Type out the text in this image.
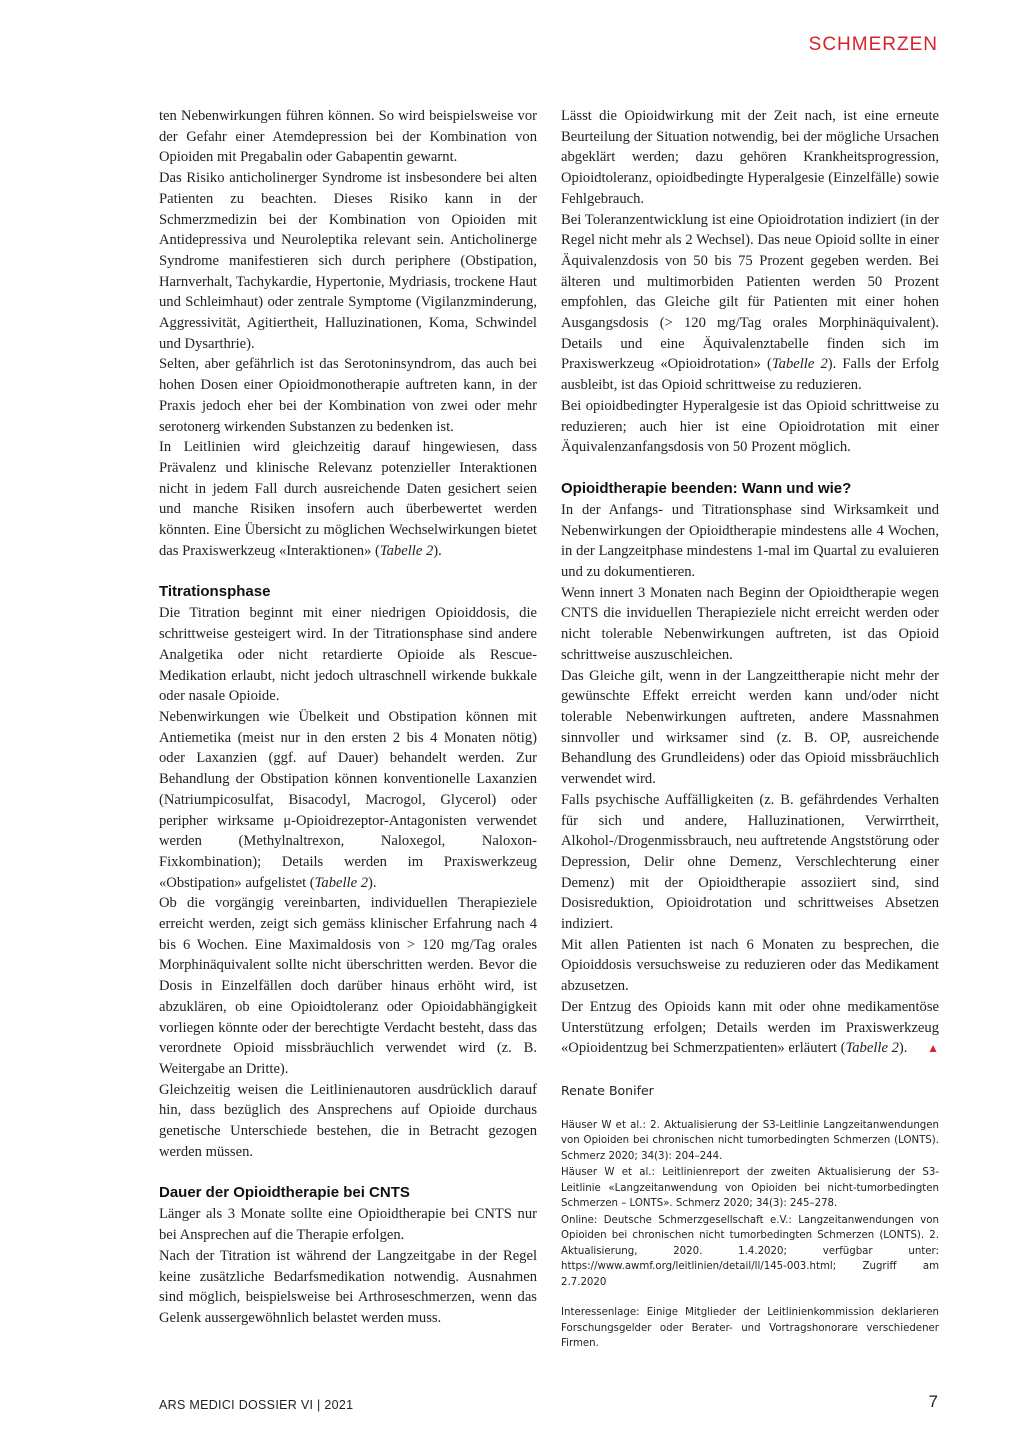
SCHMERZEN

ten Nebenwirkungen führen können. So wird beispielsweise vor der Gefahr einer Atemdepression bei der Kombination von Opioiden mit Pregabalin oder Gabapentin gewarnt.

Das Risiko anticholinerger Syndrome ist insbesondere bei alten Patienten zu beachten. Dieses Risiko kann in der Schmerzmedizin bei der Kombination von Opioiden mit Antidepressiva und Neuroleptika relevant sein. Anticholinerge Syndrome manifestieren sich durch periphere (Obstipation, Harnverhalt, Tachykardie, Hypertonie, Mydriasis, trockene Haut und Schleimhaut) oder zentrale Symptome (Vigilanzminderung, Aggressivität, Agitiertheit, Halluzinationen, Koma, Schwindel und Dysarthrie).

Selten, aber gefährlich ist das Serotoninsyndrom, das auch bei hohen Dosen einer Opioidmonotherapie auftreten kann, in der Praxis jedoch eher bei der Kombination von zwei oder mehr serotonerg wirkenden Substanzen zu bedenken ist.

In Leitlinien wird gleichzeitig darauf hingewiesen, dass Prävalenz und klinische Relevanz potenzieller Interaktionen nicht in jedem Fall durch ausreichende Daten gesichert seien und manche Risiken insofern auch überbewertet werden könnten. Eine Übersicht zu möglichen Wechselwirkungen bietet das Praxiswerkzeug «Interaktionen» (Tabelle 2).

Titrationsphase

Die Titration beginnt mit einer niedrigen Opioiddosis, die schrittweise gesteigert wird. In der Titrationsphase sind andere Analgetika oder nicht retardierte Opioide als Rescue-Medikation erlaubt, nicht jedoch ultraschnell wirkende bukkale oder nasale Opioide.

Nebenwirkungen wie Übelkeit und Obstipation können mit Antiemetika (meist nur in den ersten 2 bis 4 Monaten nötig) oder Laxanzien (ggf. auf Dauer) behandelt werden. Zur Behandlung der Obstipation können konventionelle Laxanzien (Natriumpicosulfat, Bisacodyl, Macrogol, Glycerol) oder peripher wirksame μ-Opioidrezeptor-Antagonisten verwendet werden (Methylnaltrexon, Naloxegol, Naloxon-Fixkombination); Details werden im Praxiswerkzeug «Obstipation» aufgelistet (Tabelle 2).

Ob die vorgängig vereinbarten, individuellen Therapieziele erreicht werden, zeigt sich gemäss klinischer Erfahrung nach 4 bis 6 Wochen. Eine Maximaldosis von > 120 mg/Tag orales Morphinäquivalent sollte nicht überschritten werden. Bevor die Dosis in Einzelfällen doch darüber hinaus erhöht wird, ist abzuklären, ob eine Opioidtoleranz oder Opioidabhängigkeit vorliegen könnte oder der berechtigte Verdacht besteht, dass das verordnete Opioid missbräuchlich verwendet wird (z. B. Weitergabe an Dritte).

Gleichzeitig weisen die Leitlinienautoren ausdrücklich darauf hin, dass bezüglich des Ansprechens auf Opioide durchaus genetische Unterschiede bestehen, die in Betracht gezogen werden müssen.

Dauer der Opioidtherapie bei CNTS

Länger als 3 Monate sollte eine Opioidtherapie bei CNTS nur bei Ansprechen auf die Therapie erfolgen.

Nach der Titration ist während der Langzeitgabe in der Regel keine zusätzliche Bedarfsmedikation notwendig. Ausnahmen sind möglich, beispielsweise bei Arthroseschmerzen, wenn das Gelenk aussergewöhnlich belastet werden muss.

Lässt die Opioidwirkung mit der Zeit nach, ist eine erneute Beurteilung der Situation notwendig, bei der mögliche Ursachen abgeklärt werden; dazu gehören Krankheitsprogression, Opioidtoleranz, opioidbedingte Hyperalgesie (Einzelfälle) sowie Fehlgebrauch.

Bei Toleranzentwicklung ist eine Opioidrotation indiziert (in der Regel nicht mehr als 2 Wechsel). Das neue Opioid sollte in einer Äquivalenzdosis von 50 bis 75 Prozent gegeben werden. Bei älteren und multimorbiden Patienten werden 50 Prozent empfohlen, das Gleiche gilt für Patienten mit einer hohen Ausgangsdosis (> 120 mg/Tag orales Morphinäquivalent). Details und eine Äquivalenztabelle finden sich im Praxiswerkzeug «Opioidrotation» (Tabelle 2). Falls der Erfolg ausbleibt, ist das Opioid schrittweise zu reduzieren.

Bei opioidbedingter Hyperalgesie ist das Opioid schrittweise zu reduzieren; auch hier ist eine Opioidrotation mit einer Äquivalenzanfangsdosis von 50 Prozent möglich.

Opioidtherapie beenden: Wann und wie?

In der Anfangs- und Titrationsphase sind Wirksamkeit und Nebenwirkungen der Opioidtherapie mindestens alle 4 Wochen, in der Langzeitphase mindestens 1-mal im Quartal zu evaluieren und zu dokumentieren.

Wenn innert 3 Monaten nach Beginn der Opioidtherapie wegen CNTS die inviduellen Therapieziele nicht erreicht werden oder nicht tolerable Nebenwirkungen auftreten, ist das Opioid schrittweise auszuschleichen.

Das Gleiche gilt, wenn in der Langzeittherapie nicht mehr der gewünschte Effekt erreicht werden kann und/oder nicht tolerable Nebenwirkungen auftreten, andere Massnahmen sinnvoller und wirksamer sind (z. B. OP, ausreichende Behandlung des Grundleidens) oder das Opioid missbräuchlich verwendet wird.

Falls psychische Auffälligkeiten (z. B. gefährdendes Verhalten für sich und andere, Halluzinationen, Verwirrtheit, Alkohol-/Drogenmissbrauch, neu auftretende Angststörung oder Depression, Delir ohne Demenz, Verschlechterung einer Demenz) mit der Opioidtherapie assoziiert sind, sind Dosisreduktion, Opioidrotation und schrittweises Absetzen indiziert.

Mit allen Patienten ist nach 6 Monaten zu besprechen, die Opioiddosis versuchsweise zu reduzieren oder das Medikament abzusetzen.

Der Entzug des Opioids kann mit oder ohne medikamentöse Unterstützung erfolgen; Details werden im Praxiswerkzeug «Opioidentzug bei Schmerzpatienten» erläutert (Tabelle 2). ▲

Renate Bonifer

Häuser W et al.: 2. Aktualisierung der S3-Leitlinie Langzeitanwendungen von Opioiden bei chronischen nicht tumorbedingten Schmerzen (LONTS). Schmerz 2020; 34(3): 204–244.

Häuser W et al.: Leitlinienreport der zweiten Aktualisierung der S3-Leitlinie «Langzeitanwendung von Opioiden bei nicht-tumorbedingten Schmerzen – LONTS». Schmerz 2020; 34(3): 245–278.

Online: Deutsche Schmerzgesellschaft e.V.: Langzeitanwendungen von Opioiden bei chronischen nicht tumorbedingten Schmerzen (LONTS). 2. Aktualisierung, 2020. 1.4.2020; verfügbar unter: https://www.awmf.org/leitlinien/detail/ll/145-003.html; Zugriff am 2.7.2020

Interessenlage: Einige Mitglieder der Leitlinienkommission deklarieren Forschungsgelder oder Berater- und Vortragshonorare verschiedener Firmen.

ARS MEDICI DOSSIER VI | 2021	7
